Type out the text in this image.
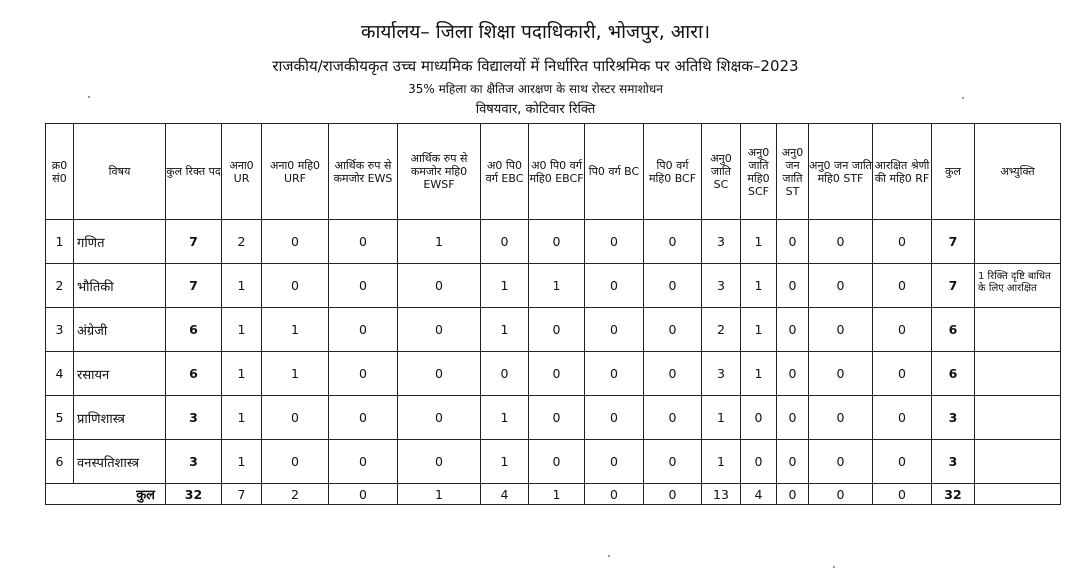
कार्यालय– जिला शिक्षा पदाधिकारी, भोजपुर, आरा।
राजकीय/राजकीयकृत उच्च माध्यमिक विद्यालयों में निर्धारित पारिश्रमिक पर अतिथि शिक्षक–2023
35% महिला का क्षैतिज आरक्षण के साथ रोस्टर समाशोधन
विषयवार, कोटिवार रिक्ति
क्र0 सं0	विषय	कुल रिक्त पद	अना0 UR	अना0 महि0 URF	आर्थिक रुप से कमजोर EWS	आर्थिक रुप से कमजोर महि0 EWSF	अ0 पि0 वर्ग EBC	अ0 पि0 वर्ग महि0 EBCF	पि0 वर्ग BC	पि0 वर्ग महि0 BCF	अनु0 जाति SC	अनु0 जाति महि0 SCF	अनु0 जन जाति ST	अनु0 जन जाति महि0 STF	आरक्षित श्रेणी की महि0 RF	कुल	अभ्युक्ति
1	गणित	7	2	0	0	1	0	0	0	0	3	1	0	0	0	7	
2	भौतिकी	7	1	0	0	0	1	1	0	0	3	1	0	0	0	7	1 रिक्ति दृष्टि बाधित के लिए आरक्षित
3	अंग्रेजी	6	1	1	0	0	1	0	0	0	2	1	0	0	0	6	
4	रसायन	6	1	1	0	0	0	0	0	0	3	1	0	0	0	6	
5	प्राणिशास्त्र	3	1	0	0	0	1	0	0	0	1	0	0	0	0	3	
6	वनस्पतिशास्त्र	3	1	0	0	0	1	0	0	0	1	0	0	0	0	3	
कुल		32	7	2	0	1	4	1	0	0	13	4	0	0	0	32	
